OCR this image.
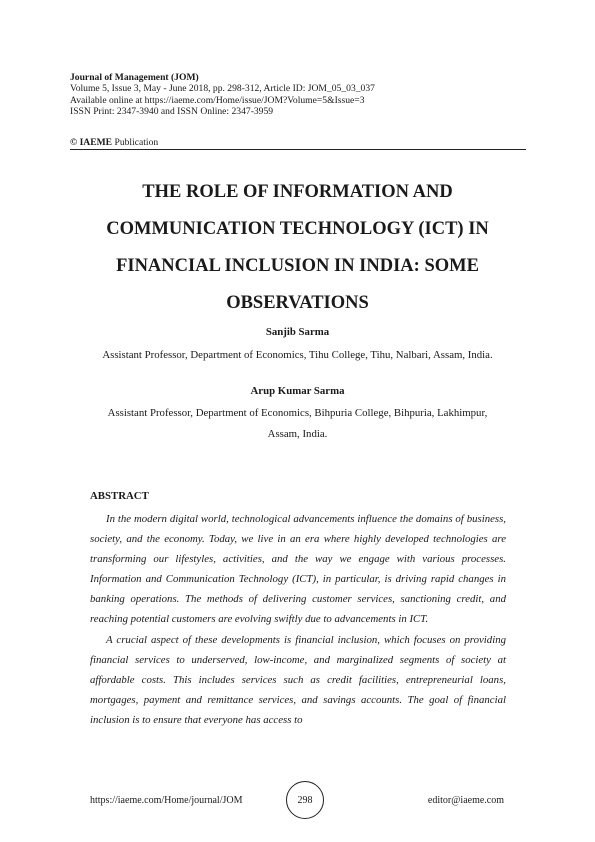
Journal of Management (JOM)
Volume 5, Issue 3, May - June 2018, pp. 298-312, Article ID: JOM_05_03_037
Available online at https://iaeme.com/Home/issue/JOM?Volume=5&Issue=3
ISSN Print: 2347-3940 and ISSN Online: 2347-3959
© IAEME Publication
THE ROLE OF INFORMATION AND
COMMUNICATION TECHNOLOGY (ICT) IN
FINANCIAL INCLUSION IN INDIA: SOME
OBSERVATIONS
Sanjib Sarma
Assistant Professor, Department of Economics, Tihu College, Tihu, Nalbari, Assam, India.
Arup Kumar Sarma
Assistant Professor, Department of Economics, Bihpuria College, Bihpuria, Lakhimpur,
Assam, India.
ABSTRACT

In the modern digital world, technological advancements influence the domains of business, society, and the economy. Today, we live in an era where highly developed technologies are transforming our lifestyles, activities, and the way we engage with various processes. Information and Communication Technology (ICT), in particular, is driving rapid changes in banking operations. The methods of delivering customer services, sanctioning credit, and reaching potential customers are evolving swiftly due to advancements in ICT.

A crucial aspect of these developments is financial inclusion, which focuses on providing financial services to underserved, low-income, and marginalized segments of society at affordable costs. This includes services such as credit facilities, entrepreneurial loans, mortgages, payment and remittance services, and savings accounts. The goal of financial inclusion is to ensure that everyone has access to

https://iaeme.com/Home/journal/JOM	298	editor@iaeme.com
